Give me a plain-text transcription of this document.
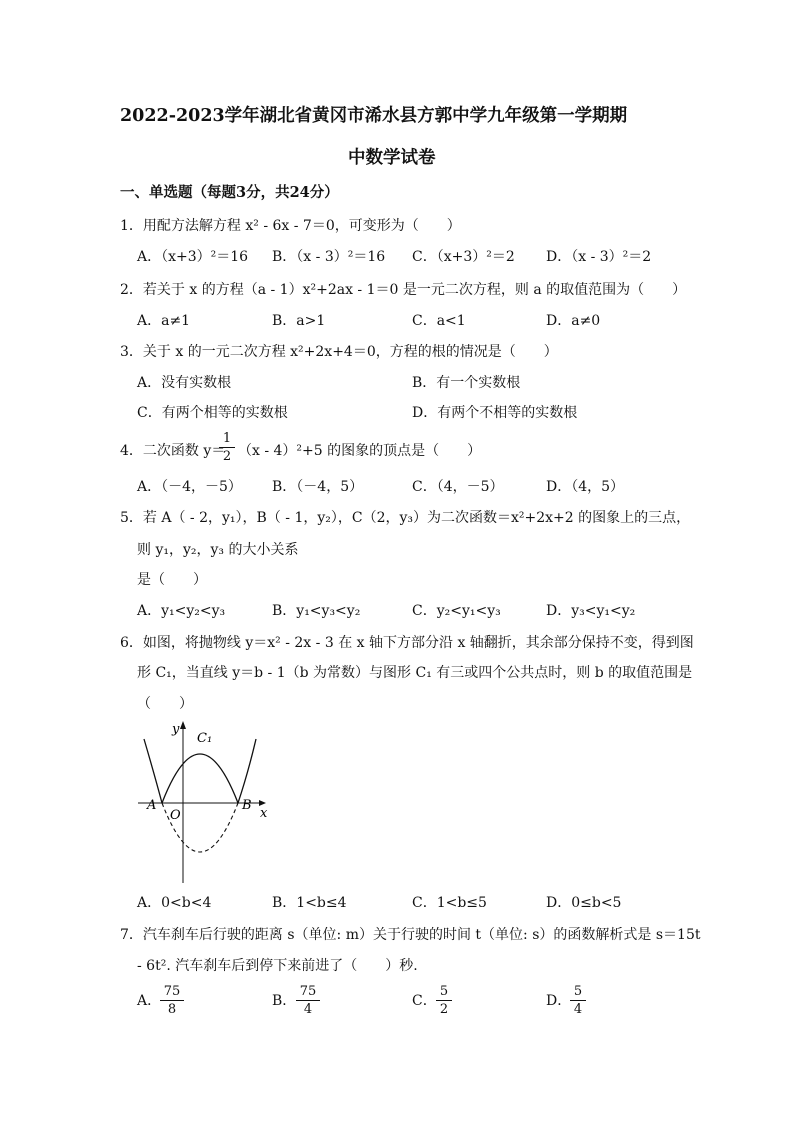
2022-2023学年湖北省黄冈市浠水县方郭中学九年级第一学期期
中数学试卷
一、单选题（每题3分，共24分）
1．用配方法解方程 x² - 6x - 7＝0，可变形为（　　）
A．（x+3）²＝16 B．（x - 3）²＝16 C．（x+3）²＝2 D．（x - 3）²＝2
2．若关于 x 的方程（a - 1）x²+2ax - 1＝0 是一元二次方程，则 a 的取值范围为（　　）
A．a≠1	B．a>1	C．a<1	D．a≠0
3．关于 x 的一元二次方程 x²+2x+4＝0，方程的根的情况是（　　）
A．没有实数根	B．有一个实数根
C．有两个相等的实数根	D．有两个不相等的实数根
4．二次函数 y＝
1
2 （x - 4）²+5 的图象的顶点是（　　）
A．（－4，－5） B．（－4，5）	C．（4，－5）	D．（4，5）
5．若 A（ - 2，y₁），B（ - 1，y₂），C（2，y₃）为二次函数＝x²+2x+2 的图象上的三点，
则 y₁，y₂，y₃ 的大小关系
是（　　）
A．y₁<y₂<y₃	B．y₁<y₃<y₂	C．y₂<y₁<y₃	D．y₃<y₁<y₂
6．如图，将抛物线 y＝x² - 2x - 3 在 x 轴下方部分沿 x 轴翻折，其余部分保持不变，得到图
形 C₁，当直线 y＝b - 1（b 为常数）与图形 C₁ 有三或四个公共点时，则 b 的取值范围是
（　　）
y
x
C₁
A	B
O
A．0<b<4	B．1<b≤4	C．1<b≤5	D．0≤b<5
7．汽车刹车后行驶的距离 s（单位: m）关于行驶的时间 t（单位: s）的函数解析式是 s＝15t
- 6t². 汽车刹车后到停下来前进了（　　）秒.
A．
75
8
B．
75
4
C．
5
2
D．
5
4
